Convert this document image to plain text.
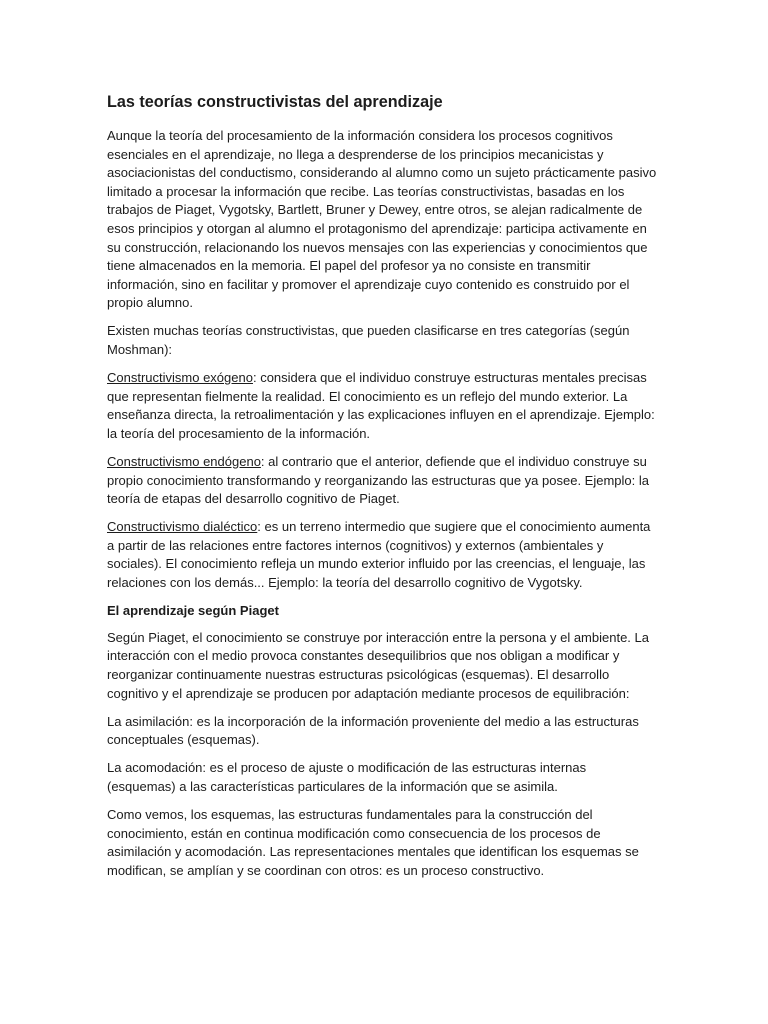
Las teorías constructivistas del aprendizaje

Aunque la teoría del procesamiento de la información considera los procesos cognitivos esenciales en el aprendizaje, no llega a desprenderse de los principios mecanicistas y asociacionistas del conductismo, considerando al alumno como un sujeto prácticamente pasivo limitado a procesar la información que recibe. Las teorías constructivistas, basadas en los trabajos de Piaget, Vygotsky, Bartlett, Bruner y Dewey, entre otros, se alejan radicalmente de esos principios y otorgan al alumno el protagonismo del aprendizaje: participa activamente en su construcción, relacionando los nuevos mensajes con las experiencias y conocimientos que tiene almacenados en la memoria. El papel del profesor ya no consiste en transmitir información, sino en facilitar y promover el aprendizaje cuyo contenido es construido por el propio alumno.

Existen muchas teorías constructivistas, que pueden clasificarse en tres categorías (según Moshman):

Constructivismo exógeno: considera que el individuo construye estructuras mentales precisas que representan fielmente la realidad. El conocimiento es un reflejo del mundo exterior. La enseñanza directa, la retroalimentación y las explicaciones influyen en el aprendizaje. Ejemplo: la teoría del procesamiento de la información.

Constructivismo endógeno: al contrario que el anterior, defiende que el individuo construye su propio conocimiento transformando y reorganizando las estructuras que ya posee. Ejemplo: la teoría de etapas del desarrollo cognitivo de Piaget.

Constructivismo dialéctico: es un terreno intermedio que sugiere que el conocimiento aumenta a partir de las relaciones entre factores internos (cognitivos) y externos (ambientales y sociales). El conocimiento refleja un mundo exterior influido por las creencias, el lenguaje, las relaciones con los demás... Ejemplo: la teoría del desarrollo cognitivo de Vygotsky.

El aprendizaje según Piaget

Según Piaget, el conocimiento se construye por interacción entre la persona y el ambiente. La interacción con el medio provoca constantes desequilibrios que nos obligan a modificar y reorganizar continuamente nuestras estructuras psicológicas (esquemas). El desarrollo cognitivo y el aprendizaje se producen por adaptación mediante procesos de equilibración:

La asimilación: es la incorporación de la información proveniente del medio a las estructuras conceptuales (esquemas).

La acomodación: es el proceso de ajuste o modificación de las estructuras internas (esquemas) a las características particulares de la información que se asimila.

Como vemos, los esquemas, las estructuras fundamentales para la construcción del conocimiento, están en continua modificación como consecuencia de los procesos de asimilación y acomodación. Las representaciones mentales que identifican los esquemas se modifican, se amplían y se coordinan con otros: es un proceso constructivo.
